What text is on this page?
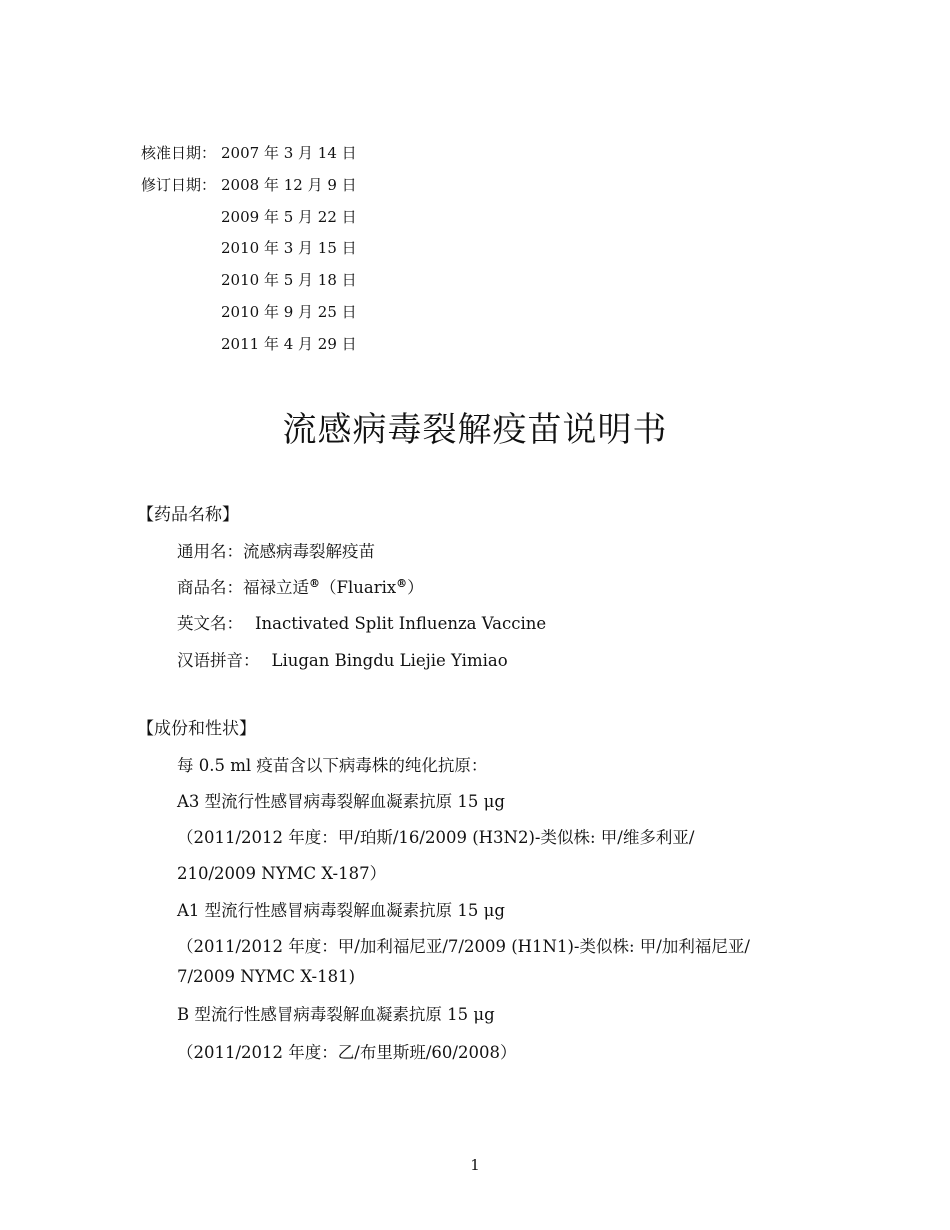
核准日期： 2007 年 3 月 14 日
修订日期： 2008 年 12 月 9 日
2009 年 5 月 22 日
2010 年 3 月 15 日
2010 年 5 月 18 日
2010 年 9 月 25 日
2011 年 4 月 29 日
流感病毒裂解疫苗说明书
【药品名称】
通用名：流感病毒裂解疫苗
商品名：福禄立适®（Fluarix®）
英文名： Inactivated Split Influenza Vaccine
汉语拼音： Liugan Bingdu Liejie Yimiao
【成份和性状】
每 0.5 ml 疫苗含以下病毒株的纯化抗原：
A3 型流行性感冒病毒裂解血凝素抗原 15 μg
（2011/2012 年度：甲/珀斯/16/2009 (H3N2)-类似株: 甲/维多利亚/
210/2009 NYMC X-187）
A1 型流行性感冒病毒裂解血凝素抗原 15 μg
（2011/2012 年度：甲/加利福尼亚/7/2009 (H1N1)-类似株: 甲/加利福尼亚/
7/2009 NYMC X-181)
B 型流行性感冒病毒裂解血凝素抗原 15 μg
（2011/2012 年度：乙/布里斯班/60/2008）
1
